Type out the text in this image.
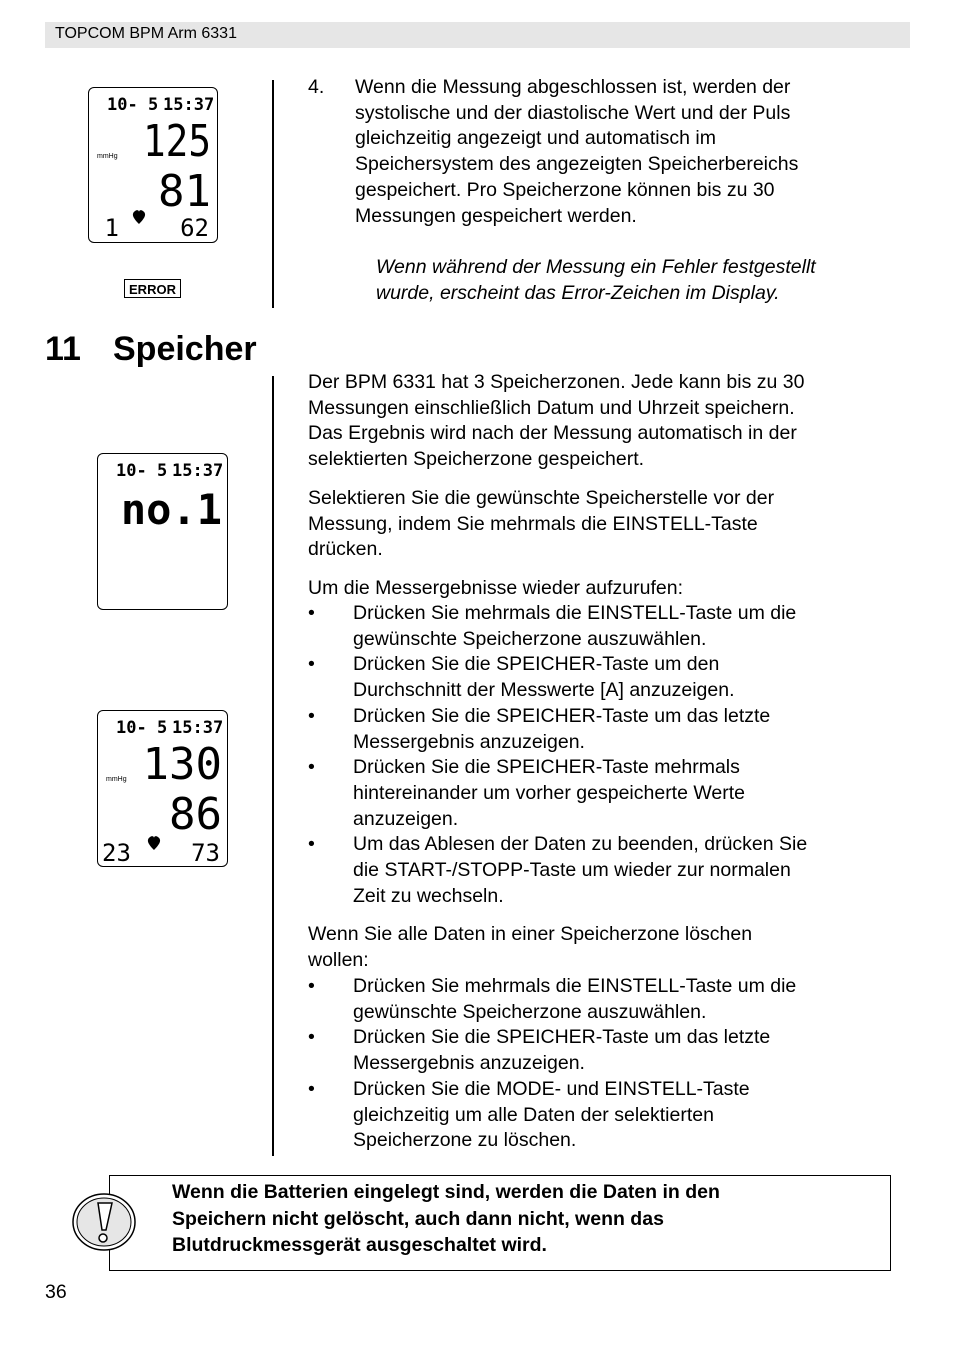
TOPCOM BPM Arm 6331
10- 5 15:37
mmHg 125
81
1	62
ERROR
4. Wenn die Messung abgeschlossen ist, werden der
systolische und der diastolische Wert und der Puls
gleichzeitig angezeigt und automatisch im
Speichersystem des angezeigten Speicherbereichs
gespeichert. Pro Speicherzone können bis zu 30
Messungen gespeichert werden.
Wenn während der Messung ein Fehler festgestellt
wurde, erscheint das Error-Zeichen im Display.
11 Speicher
10- 5 15:37
no.1
10- 5 15:37
mmHg 130
86
23	73
Der BPM 6331 hat 3 Speicherzonen. Jede kann bis zu 30
Messungen einschließlich Datum und Uhrzeit speichern.
Das Ergebnis wird nach der Messung automatisch in der
selektierten Speicherzone gespeichert.
Selektieren Sie die gewünschte Speicherstelle vor der
Messung, indem Sie mehrmals die EINSTELL-Taste
drücken.
Um die Messergebnisse wieder aufzurufen:
• Drücken Sie mehrmals die EINSTELL-Taste um die
gewünschte Speicherzone auszuwählen.
• Drücken Sie die SPEICHER-Taste um den
Durchschnitt der Messwerte [A] anzuzeigen.
• Drücken Sie die SPEICHER-Taste um das letzte
Messergebnis anzuzeigen.
• Drücken Sie die SPEICHER-Taste mehrmals
hintereinander um vorher gespeicherte Werte
anzuzeigen.
• Um das Ablesen der Daten zu beenden, drücken Sie
die START-/STOPP-Taste um wieder zur normalen
Zeit zu wechseln.
Wenn Sie alle Daten in einer Speicherzone löschen
wollen:
• Drücken Sie mehrmals die EINSTELL-Taste um die
gewünschte Speicherzone auszuwählen.
• Drücken Sie die SPEICHER-Taste um das letzte
Messergebnis anzuzeigen.
• Drücken Sie die MODE- und EINSTELL-Taste
gleichzeitig um alle Daten der selektierten
Speicherzone zu löschen.
Wenn die Batterien eingelegt sind, werden die Daten in den
Speichern nicht gelöscht, auch dann nicht, wenn das
Blutdruckmessgerät ausgeschaltet wird.
36
